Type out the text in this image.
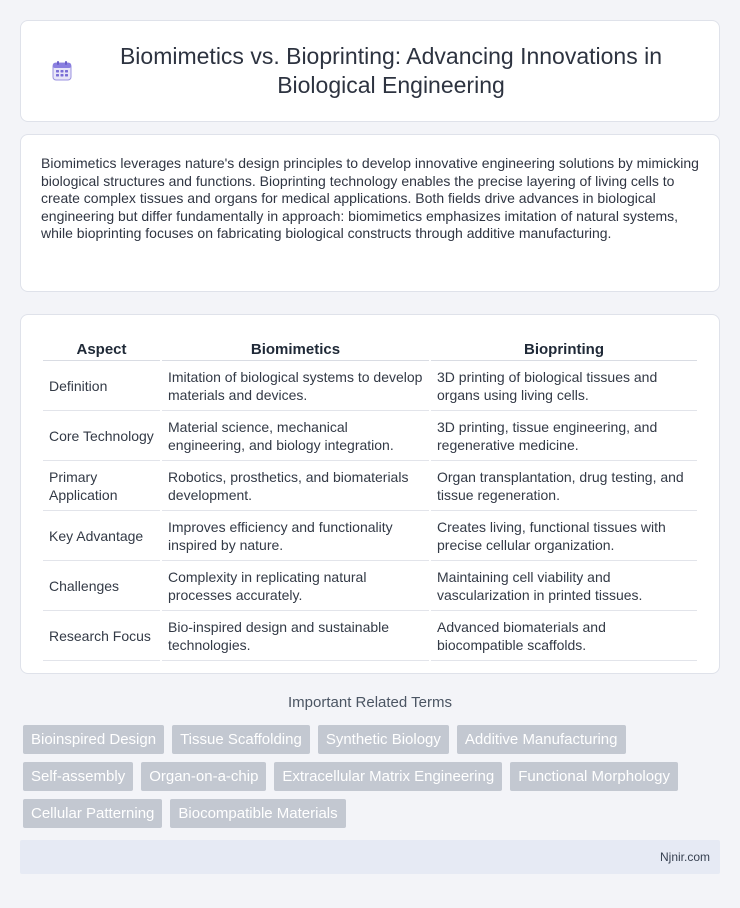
Biomimetics vs. Bioprinting: Advancing Innovations in Biological Engineering

Biomimetics leverages nature's design principles to develop innovative engineering solutions by mimicking biological structures and functions. Bioprinting technology enables the precise layering of living cells to create complex tissues and organs for medical applications. Both fields drive advances in biological engineering but differ fundamentally in approach: biomimetics emphasizes imitation of natural systems, while bioprinting focuses on fabricating biological constructs through additive manufacturing.

Aspect	Biomimetics	Bioprinting
Definition	Imitation of biological systems to develop materials and devices.	3D printing of biological tissues and organs using living cells.
Core Technology	Material science, mechanical engineering, and biology integration.	3D printing, tissue engineering, and regenerative medicine.
Primary Application	Robotics, prosthetics, and biomaterials development.	Organ transplantation, drug testing, and tissue regeneration.
Key Advantage	Improves efficiency and functionality inspired by nature.	Creates living, functional tissues with precise cellular organization.
Challenges	Complexity in replicating natural processes accurately.	Maintaining cell viability and vascularization in printed tissues.
Research Focus	Bio-inspired design and sustainable technologies.	Advanced biomaterials and biocompatible scaffolds.
Important Related Terms
Bioinspired Design	Tissue Scaffolding	Synthetic Biology	Additive Manufacturing
Self-assembly	Organ-on-a-chip	Extracellular Matrix Engineering	Functional Morphology
Cellular Patterning	Biocompatible Materials
Njnir.com
